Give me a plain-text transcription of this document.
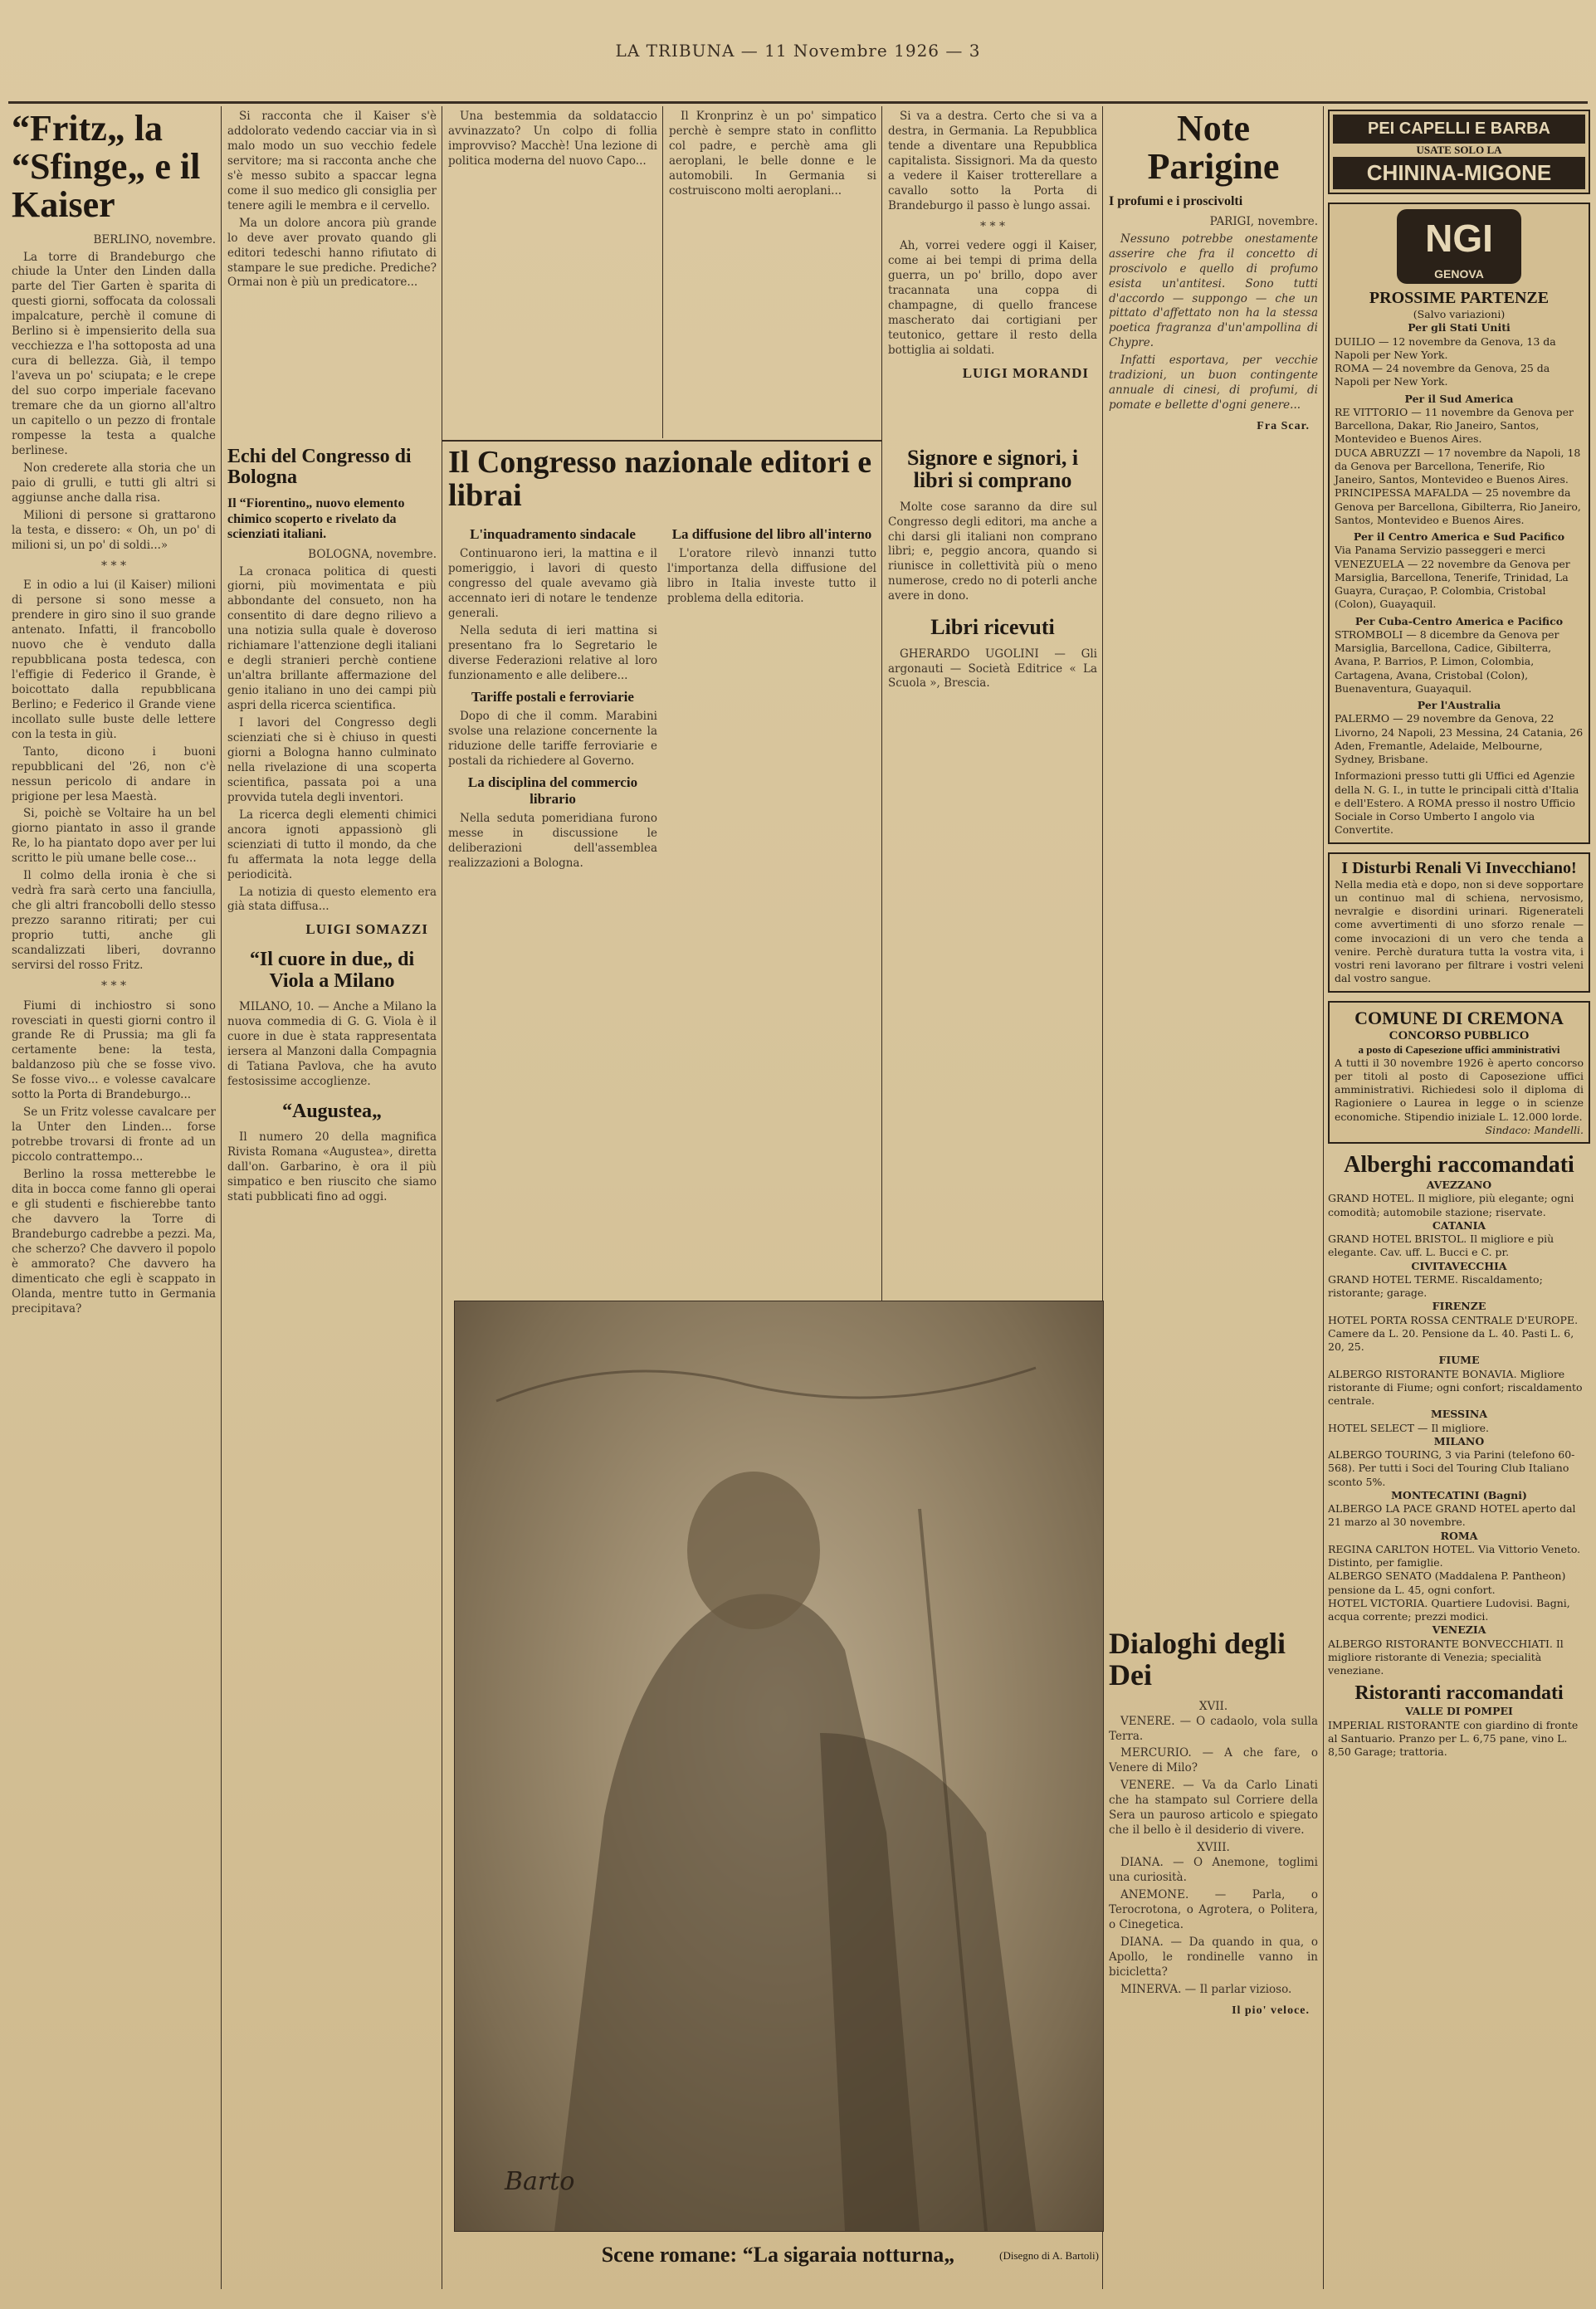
LA TRIBUNA — 11 Novembre 1926 — 3
“Fritz„ la “Sfinge„ e il Kaiser

BERLINO, novembre.

La torre di Brandeburgo che chiude la Unter den Linden dalla parte del Tier Garten è sparita di questi giorni, soffocata da colossali impalcature, perchè il comune di Berlino si è impensierito della sua vecchiezza e l'ha sottoposta ad una cura di bellezza. Già, il tempo l'aveva un po' sciupata; e le crepe del suo corpo imperiale facevano tremare che da un giorno all'altro un capitello o un pezzo di frontale rompesse la testa a qualche berlinese.

Non crederete alla storia che un paio di grulli, e tutti gli altri si aggiunse anche dalla risa.

Milioni di persone si grattarono la testa, e dissero: « Oh, un po' di milioni si, un po' di soldi...»

* * *

E in odio a lui (il Kaiser) milioni di persone si sono messe a prendere in giro sino il suo grande antenato. Infatti, il francobollo nuovo che è venduto dalla repubblicana posta tedesca, con l'effigie di Federico il Grande, è boicottato dalla repubblicana Berlino; e Federico il Grande viene incollato sulle buste delle lettere con la testa in giù.

Tanto, dicono i buoni repubblicani del '26, non c'è nessun pericolo di andare in prigione per lesa Maestà.

Si, poichè se Voltaire ha un bel giorno piantato in asso il grande Re, lo ha piantato dopo aver per lui scritto le più umane belle cose...

Il colmo della ironia è che si vedrà fra sarà certo una fanciulla, che gli altri francobolli dello stesso prezzo saranno ritirati; per cui proprio tutti, anche gli scandalizzati liberi, dovranno servirsi del rosso Fritz.

* * *

Fiumi di inchiostro si sono rovesciati in questi giorni contro il grande Re di Prussia; ma gli fa certamente bene: la testa, baldanzoso più che se fosse vivo. Se fosse vivo... e volesse cavalcare sotto la Porta di Brandeburgo...

Se un Fritz volesse cavalcare per la Unter den Linden... forse potrebbe trovarsi di fronte ad un piccolo contrattempo...

Berlino la rossa metterebbe le dita in bocca come fanno gli operai e gli studenti e fischierebbe tanto che davvero la Torre di Brandeburgo cadrebbe a pezzi. Ma, che scherzo? Che davvero il popolo è ammorato? Che davvero ha dimenticato che egli è scappato in Olanda, mentre tutto in Germania precipitava?

Si racconta che il Kaiser s'è addolorato vedendo cacciar via in sì malo modo un suo vecchio fedele servitore; ma si racconta anche che s'è messo subito a spaccar legna come il suo medico gli consiglia per tenere agili le membra e il cervello.

Ma un dolore ancora più grande lo deve aver provato quando gli editori tedeschi hanno rifiutato di stampare le sue prediche. Prediche? Ormai non è più un predicatore...

Una bestemmia da soldataccio avvinazzato? Un colpo di follia improvviso? Macchè! Una lezione di politica moderna del nuovo Capo...

Il Kronprinz è un po' simpatico perchè è sempre stato in conflitto col padre, e perchè ama gli aeroplani, le belle donne e le automobili. In Germania si costruiscono molti aeroplani...

Si va a destra. Certo che si va a destra, in Germania. La Repubblica tende a diventare una Repubblica capitalista. Sissignori. Ma da questo a vedere il Kaiser trotterellare a cavallo sotto la Porta di Brandeburgo il passo è lungo assai.

* * *

Ah, vorrei vedere oggi il Kaiser, come ai bei tempi di prima della guerra, un po' brillo, dopo aver tracannata una coppa di champagne, di quello francese mascherato dai cortigiani per teutonico, gettare il resto della bottiglia ai soldati.

LUIGI MORANDI
Echi del Congresso di Bologna
Il “Fiorentino„ nuovo elemento chimico scoperto e rivelato da scienziati italiani.

BOLOGNA, novembre.

La cronaca politica di questi giorni, più movimentata e più abbondante del consueto, non ha consentito di dare degno rilievo a una notizia sulla quale è doveroso richiamare l'attenzione degli italiani e degli stranieri perchè contiene un'altra brillante affermazione del genio italiano in uno dei campi più aspri della ricerca scientifica.

I lavori del Congresso degli scienziati che si è chiuso in questi giorni a Bologna hanno culminato nella rivelazione di una scoperta scientifica, passata poi a una provvida tutela degli inventori.

La ricerca degli elementi chimici ancora ignoti appassionò gli scienziati di tutto il mondo, da che fu affermata la nota legge della periodicità.

La notizia di questo elemento era già stata diffusa...

LUIGI SOMAZZI
“Il cuore in due„ di Viola a Milano

MILANO, 10. — Anche a Milano la nuova commedia di G. G. Viola è il cuore in due è stata rappresentata iersera al Manzoni dalla Compagnia di Tatiana Pavlova, che ha avuto festosissime accoglienze.

“Augustea„

Il numero 20 della magnifica Rivista Romana «Augustea», diretta dall'on. Garbarino, è ora il più simpatico e ben riuscito che siamo stati pubblicati fino ad oggi.

Il Congresso nazionale editori e librai
L'inquadramento sindacale

Continuarono ieri, la mattina e il pomeriggio, i lavori di questo congresso del quale avevamo già accennato ieri di notare le tendenze generali.

Nella seduta di ieri mattina si presentano fra lo Segretario le diverse Federazioni relative al loro funzionamento e alle delibere...

Tariffe postali e ferroviarie

Dopo di che il comm. Marabini svolse una relazione concernente la riduzione delle tariffe ferroviarie e postali da richiedere al Governo.

La disciplina del commercio librario

Nella seduta pomeridiana furono messe in discussione le deliberazioni dell'assemblea realizzazioni a Bologna.

La diffusione del libro all'interno

L'oratore rilevò innanzi tutto l'importanza della diffusione del libro in Italia investe tutto il problema della editoria.

Signore e signori, i libri si comprano

Molte cose saranno da dire sul Congresso degli editori, ma anche a chi darsi gli italiani non comprano libri; e, peggio ancora, quando si riunisce in collettività più o meno numerose, credo no di poterli anche avere in dono.

Libri ricevuti

GHERARDO UGOLINI — Gli argonauti — Società Editrice « La Scuola », Brescia.

Barto
Scene romane: “La sigaraia notturna„	(Disegno di A. Bartoli)
Note Parigine
I profumi e i proscivolti

PARIGI, novembre.

Nessuno potrebbe onestamente asserire che fra il concetto di proscivolo e quello di profumo esista un'antitesi. Sono tutti d'accordo — suppongo — che un pittato d'affettato non ha la stessa poetica fragranza d'un'ampollina di Chypre.

Infatti esportava, per vecchie tradizioni, un buon contingente annuale di cinesi, di profumi, di pomate e bellette d'ogni genere...

Fra Scar.
Dialoghi degli Dei
XVII.

VENERE. — O cadaolo, vola sulla Terra.

MERCURIO. — A che fare, o Venere di Milo?

VENERE. — Va da Carlo Linati che ha stampato sul Corriere della Sera un pauroso articolo e spiegato che il bello è il desiderio di vivere.

XVIII.

DIANA. — O Anemone, toglimi una curiosità.

ANEMONE. — Parla, o Terocrotona, o Agrotera, o Politera, o Cinegetica.

DIANA. — Da quando in qua, o Apollo, le rondinelle vanno in bicicletta?

MINERVA. — Il parlar vizioso.

Il pio' veloce.
PEI CAPELLI E BARBA
USATE SOLO LA
CHININA-MIGONE
NGI
GENOVA
PROSSIME PARTENZE
(Salvo variazioni)
Per gli Stati Uniti
DUILIO — 12 novembre da Genova, 13 da Napoli per New York.
ROMA — 24 novembre da Genova, 25 da Napoli per New York.
Per il Sud America
RE VITTORIO — 11 novembre da Genova per Barcellona, Dakar, Rio Janeiro, Santos, Montevideo e Buenos Aires.
DUCA ABRUZZI — 17 novembre da Napoli, 18 da Genova per Barcellona, Tenerife, Rio Janeiro, Santos, Montevideo e Buenos Aires.
PRINCIPESSA MAFALDA — 25 novembre da Genova per Barcellona, Gibilterra, Rio Janeiro, Santos, Montevideo e Buenos Aires.
Per il Centro America e Sud Pacifico
Via Panama Servizio passeggeri e merci
VENEZUELA — 22 novembre da Genova per Marsiglia, Barcellona, Tenerife, Trinidad, La Guayra, Curaçao, P. Colombia, Cristobal (Colon), Guayaquil.
Per Cuba-Centro America e Pacifico
STROMBOLI — 8 dicembre da Genova per Marsiglia, Barcellona, Cadice, Gibilterra, Avana, P. Barrios, P. Limon, Colombia, Cartagena, Avana, Cristobal (Colon), Buenaventura, Guayaquil.
Per l'Australia
PALERMO — 29 novembre da Genova, 22 Livorno, 24 Napoli, 23 Messina, 24 Catania, 26 Aden, Fremantle, Adelaide, Melbourne, Sydney, Brisbane.
Informazioni presso tutti gli Uffici ed Agenzie della N. G. I., in tutte le principali città d'Italia e dell'Estero. A ROMA presso il nostro Ufficio Sociale in Corso Umberto I angolo via Convertite.
I Disturbi Renali Vi Invecchiano!
Nella media età e dopo, non si deve sopportare un continuo mal di schiena, nervosismo, nevralgie e disordini urinari. Rigenerateli come avvertimenti di uno sforzo renale — come invocazioni di un vero che tenda a venire. Perchè duratura tutta la vostra vita, i vostri reni lavorano per filtrare i vostri veleni dal vostro sangue.
COMUNE DI CREMONA
CONCORSO PUBBLICO
a posto di Capesezione uffici amministrativi
A tutti il 30 novembre 1926 è aperto concorso per titoli al posto di Caposezione uffici amministrativi. Richiedesi solo il diploma di Ragioniere o Laurea in legge o in scienze economiche. Stipendio iniziale L. 12.000 lorde.
Sindaco: Mandelli.
Alberghi raccomandati
AVEZZANO
GRAND HOTEL. Il migliore, più elegante; ogni comodità; automobile stazione; riservate.
CATANIA
GRAND HOTEL BRISTOL. Il migliore e più elegante. Cav. uff. L. Bucci e C. pr.
CIVITAVECCHIA
GRAND HOTEL TERME. Riscaldamento; ristorante; garage.
FIRENZE
HOTEL PORTA ROSSA CENTRALE D'EUROPE. Camere da L. 20. Pensione da L. 40. Pasti L. 6, 20, 25.
FIUME
ALBERGO RISTORANTE BONAVIA. Migliore ristorante di Fiume; ogni confort; riscaldamento centrale.
MESSINA
HOTEL SELECT — Il migliore.
MILANO
ALBERGO TOURING, 3 via Parini (telefono 60-568). Per tutti i Soci del Touring Club Italiano sconto 5%.
MONTECATINI (Bagni)
ALBERGO LA PACE GRAND HOTEL aperto dal 21 marzo al 30 novembre.
ROMA
REGINA CARLTON HOTEL. Via Vittorio Veneto. Distinto, per famiglie.
ALBERGO SENATO (Maddalena P. Pantheon) pensione da L. 45, ogni confort.
HOTEL VICTORIA. Quartiere Ludovisi. Bagni, acqua corrente; prezzi modici.
VENEZIA
ALBERGO RISTORANTE BONVECCHIATI. Il migliore ristorante di Venezia; specialità veneziane.
Ristoranti raccomandati
VALLE DI POMPEI
IMPERIAL RISTORANTE con giardino di fronte al Santuario. Pranzo per L. 6,75 pane, vino L. 8,50 Garage; trattoria.
